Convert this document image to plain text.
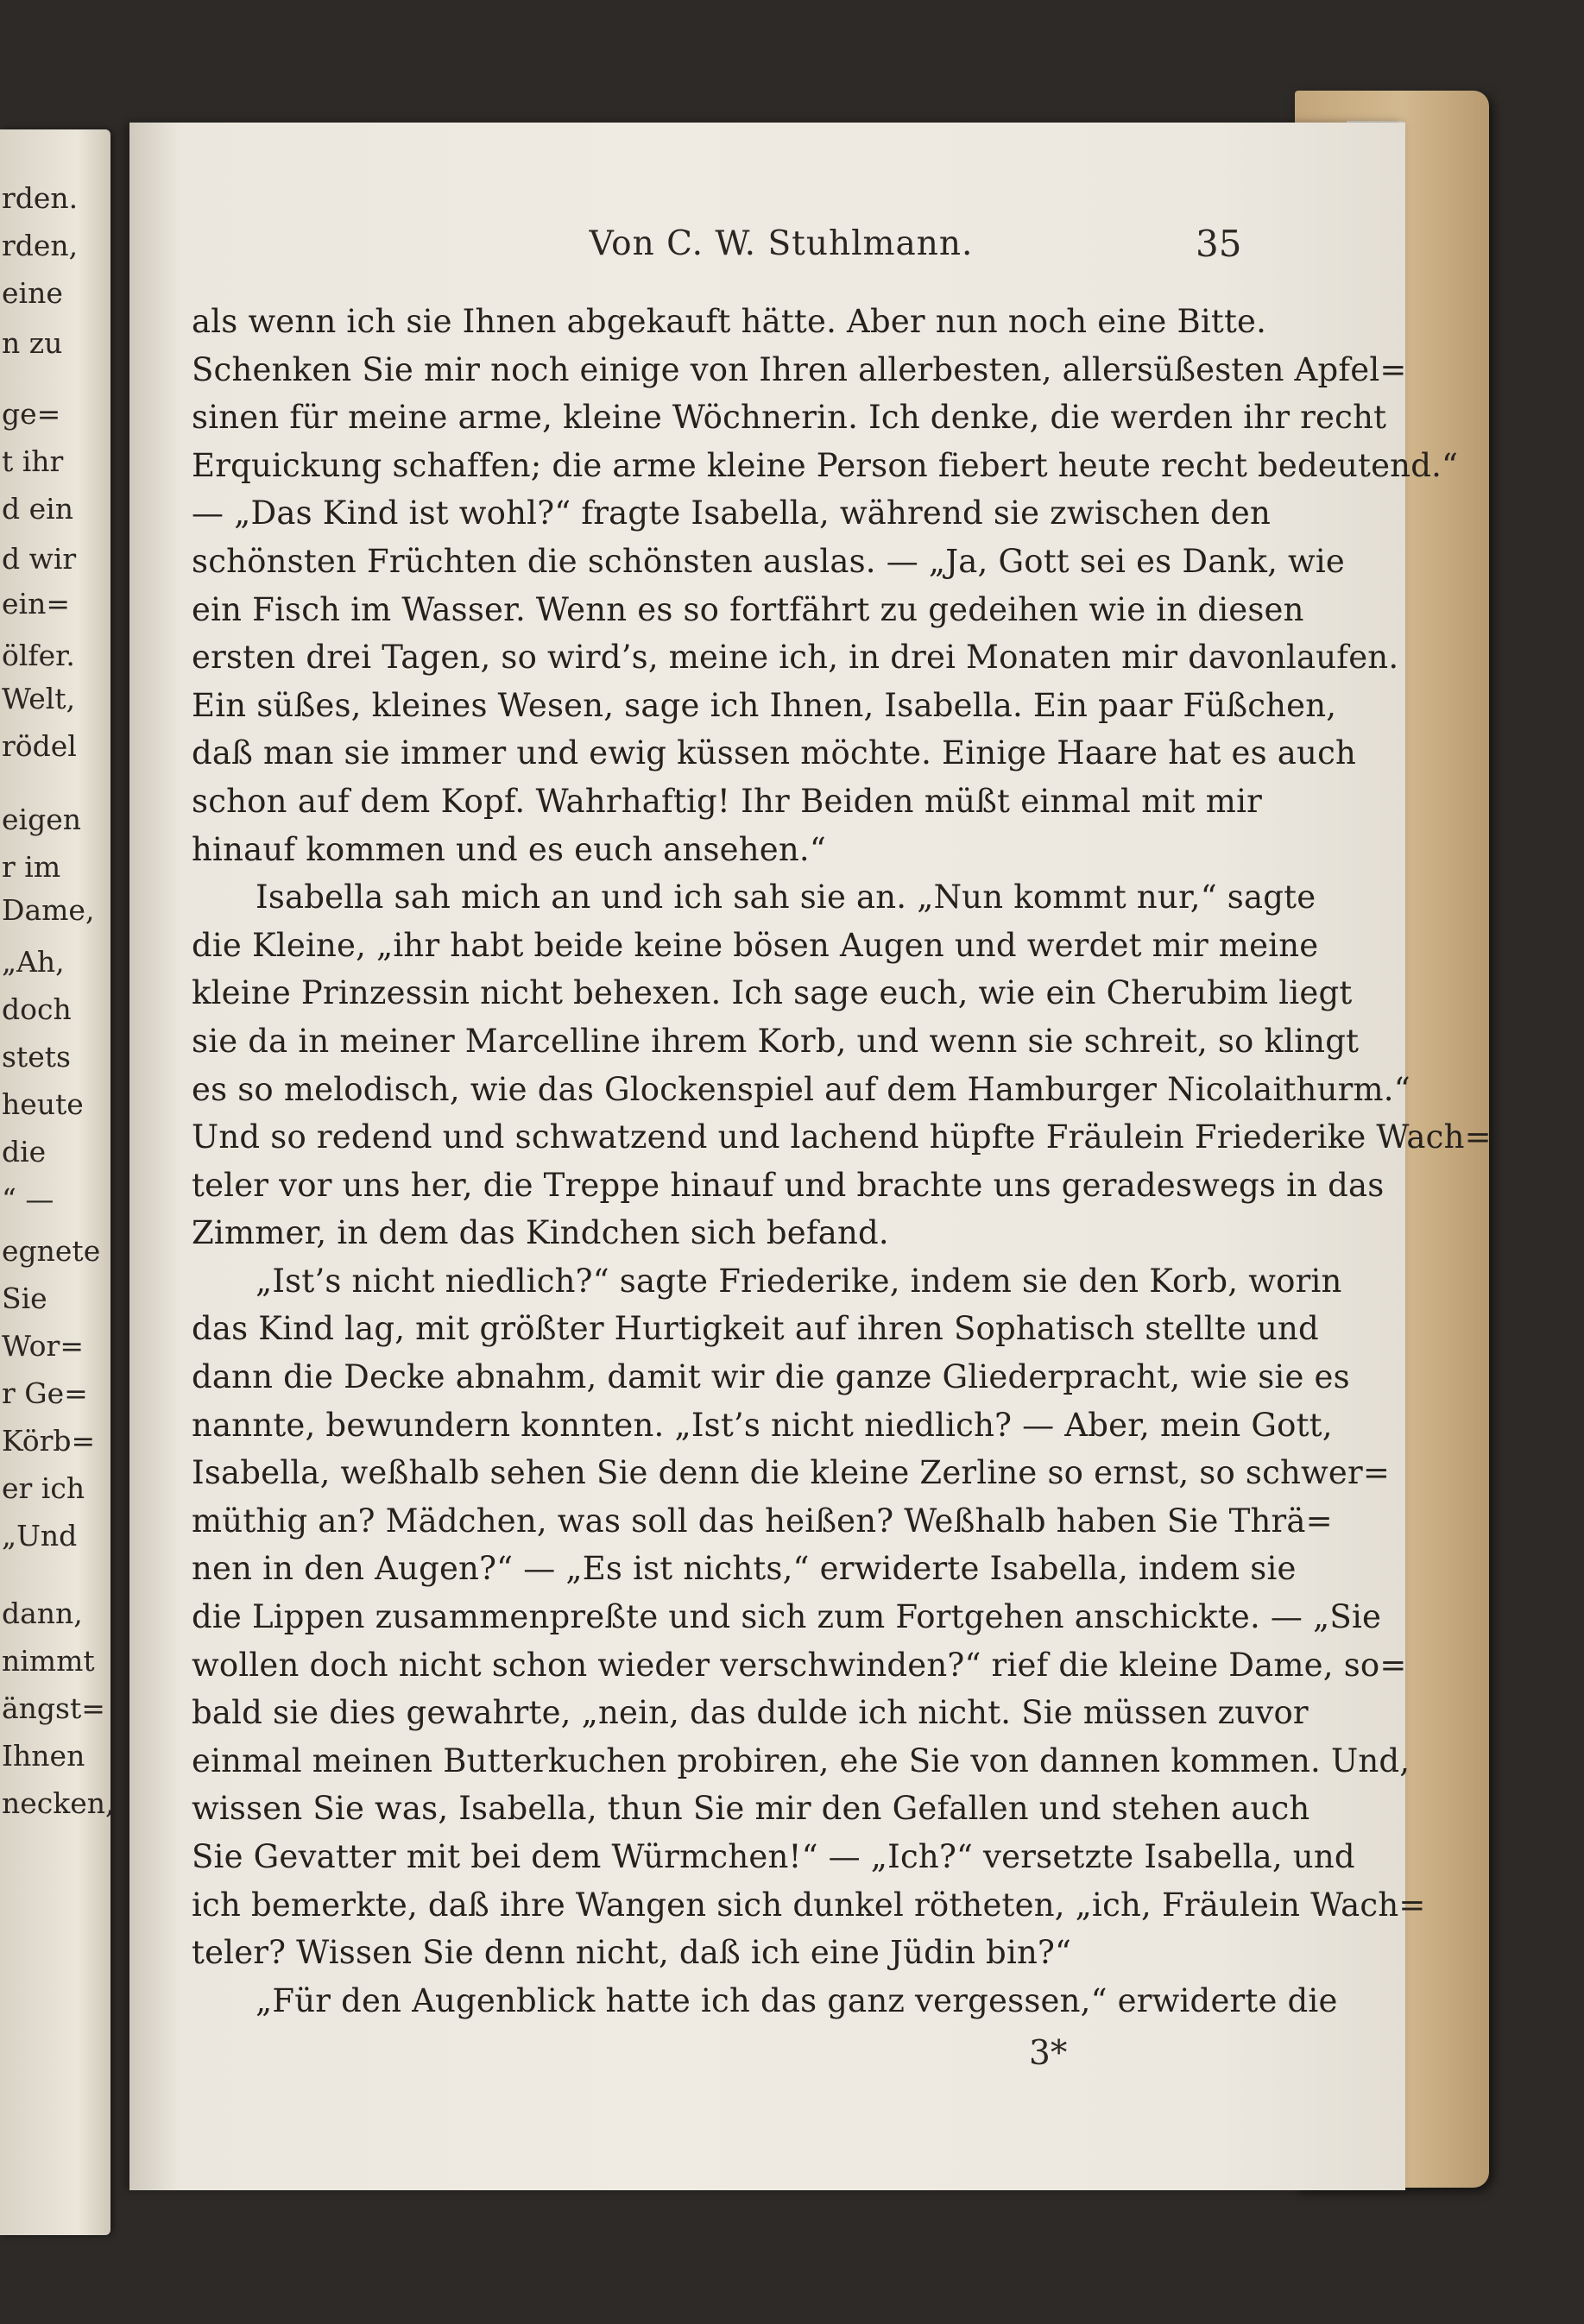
rden.
rden,
eine
n zu
ge=
t ihr
d ein
d wir
ein=
ölfer.
Welt,
rödel
eigen
r im
Dame,
„Ah,
doch
stets
heute
die
“ —
egnete
Sie
Wor=
r Ge=
Körb=
er ich
„Und
dann,
nimmt
ängst=
Ihnen
necken,
Von C. W. Stuhlmann.	35
als wenn ich sie Ihnen abgekauft hätte. Aber nun noch eine Bitte.
Schenken Sie mir noch einige von Ihren allerbesten, allersüßesten Apfel=
sinen für meine arme, kleine Wöchnerin. Ich denke, die werden ihr recht
Erquickung schaffen; die arme kleine Person fiebert heute recht bedeutend.“
— „Das Kind ist wohl?“ fragte Isabella, während sie zwischen den
schönsten Früchten die schönsten auslas. — „Ja, Gott sei es Dank, wie
ein Fisch im Wasser. Wenn es so fortfährt zu gedeihen wie in diesen
ersten drei Tagen, so wird’s, meine ich, in drei Monaten mir davonlaufen.
Ein süßes, kleines Wesen, sage ich Ihnen, Isabella. Ein paar Füßchen,
daß man sie immer und ewig küssen möchte. Einige Haare hat es auch
schon auf dem Kopf. Wahrhaftig! Ihr Beiden müßt einmal mit mir
hinauf kommen und es euch ansehen.“
Isabella sah mich an und ich sah sie an. „Nun kommt nur,“ sagte
die Kleine, „ihr habt beide keine bösen Augen und werdet mir meine
kleine Prinzessin nicht behexen. Ich sage euch, wie ein Cherubim liegt
sie da in meiner Marcelline ihrem Korb, und wenn sie schreit, so klingt
es so melodisch, wie das Glockenspiel auf dem Hamburger Nicolaithurm.“
Und so redend und schwatzend und lachend hüpfte Fräulein Friederike Wach=
teler vor uns her, die Treppe hinauf und brachte uns geradeswegs in das
Zimmer, in dem das Kindchen sich befand.
„Ist’s nicht niedlich?“ sagte Friederike, indem sie den Korb, worin
das Kind lag, mit größter Hurtigkeit auf ihren Sophatisch stellte und
dann die Decke abnahm, damit wir die ganze Gliederpracht, wie sie es
nannte, bewundern konnten. „Ist’s nicht niedlich? — Aber, mein Gott,
Isabella, weßhalb sehen Sie denn die kleine Zerline so ernst, so schwer=
müthig an? Mädchen, was soll das heißen? Weßhalb haben Sie Thrä=
nen in den Augen?“ — „Es ist nichts,“ erwiderte Isabella, indem sie
die Lippen zusammenpreßte und sich zum Fortgehen anschickte. — „Sie
wollen doch nicht schon wieder verschwinden?“ rief die kleine Dame, so=
bald sie dies gewahrte, „nein, das dulde ich nicht. Sie müssen zuvor
einmal meinen Butterkuchen probiren, ehe Sie von dannen kommen. Und,
wissen Sie was, Isabella, thun Sie mir den Gefallen und stehen auch
Sie Gevatter mit bei dem Würmchen!“ — „Ich?“ versetzte Isabella, und
ich bemerkte, daß ihre Wangen sich dunkel rötheten, „ich, Fräulein Wach=
teler? Wissen Sie denn nicht, daß ich eine Jüdin bin?“
„Für den Augenblick hatte ich das ganz vergessen,“ erwiderte die
3*
